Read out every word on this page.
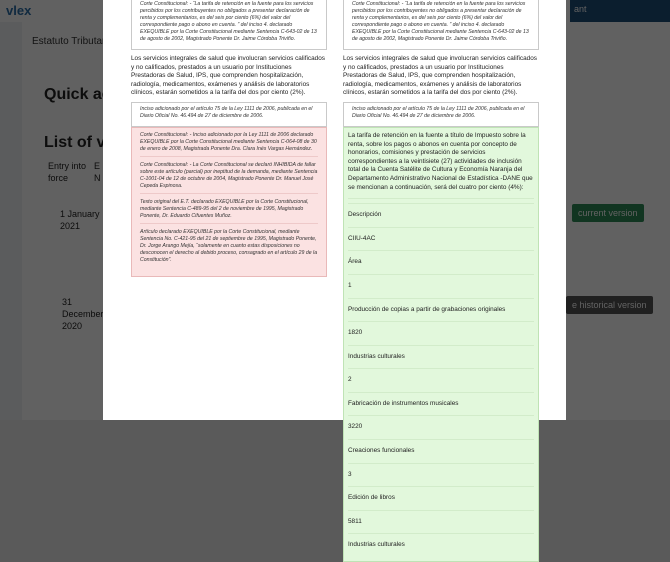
Corte Constitucional: - “La tarifa de retención en la fuente para los servicios percibidos por los contribuyentes no obligados a presentar declaración de renta y complementarios, es del seis por ciento (6%) del valor del correspondiente pago o abono en cuenta. ” del inciso 4. declarado EXEQUIBLE por la Corte Constitucional mediante Sentencia C-643-02 de 13 de agosto de 2002, Magistrado Ponente Dr. Jaime Córdoba Triviño.

Los servicios integrales de salud que involucran servicios calificados y no calificados, prestados a un usuario por Instituciones Prestadoras de Salud, IPS, que comprenden hospitalización, radiología, medicamentos, exámenes y análisis de laboratorios clínicos, estarán sometidos a la tarifa del dos por ciento (2%).

Inciso adicionado por el artículo 75 de la Ley 1111 de 2006, publicada en el Diario Oficial No. 46.494 de 27 de diciembre de 2006.

Corte Constitucional: - Inciso adicionado por la Ley 1111 de 2006 declarado EXEQUIBLE por la Corte Constitucional mediante Sentencia C-064-08 de 30 de enero de 2008, Magistrada Ponente Dra. Clara Inés Vargas Hernández.

Corte Constitucional: - La Corte Constitucional se declaró INHIBIDA de fallar sobre este artículo (parcial) por ineptitud de la demanda, mediante Sentencia C-1001-04 de 12 de octubre de 2004, Magistrado Ponente Dr. Manuel José Cepeda Espinosa.

Texto original del E.T. declarado EXEQUIBLE por la Corte Constitucional, mediante Sentencia C-489-95 del 2 de noviembre de 1995, Magistrado Ponente, Dr. Eduardo Cifuentes Muñoz.

Artículo declarado EXEQUIBLE por la Corte Constitucional, mediante Sentencia No. C-421-95 del 21 de septiembre de 1995, Magistrado Ponente, Dr. Jorge Arango Mejía, “solamente en cuanto estas disposiciones no desconocen el derecho al debido proceso, consagrado en el artículo 29 de la Constitución”.

Corte Constitucional: - “La tarifa de retención en la fuente para los servicios percibidos por los contribuyentes no obligados a presentar declaración de renta y complementarios, es del seis por ciento (6%) del valor del correspondiente pago o abono en cuenta. ” del inciso 4. declarado EXEQUIBLE por la Corte Constitucional mediante Sentencia C-643-02 de 13 de agosto de 2002, Magistrado Ponente Dr. Jaime Córdoba Triviño.

Los servicios integrales de salud que involucran servicios calificados y no calificados, prestados a un usuario por Instituciones Prestadoras de Salud, IPS, que comprenden hospitalización, radiología, medicamentos, exámenes y análisis de laboratorios clínicos, estarán sometidos a la tarifa del dos por ciento (2%).

Inciso adicionado por el artículo 75 de la Ley 1111 de 2006, publicada en el Diario Oficial No. 46.494 de 27 de diciembre de 2006.

La tarifa de retención en la fuente a título de Impuesto sobre la renta, sobre los pagos o abonos en cuenta por concepto de honorarios, comisiones y prestación de servicios correspondientes a la veintisiete (27) actividades de inclusión total de la Cuenta Satélite de Cultura y Economía Naranja del Departamento Administrativo Nacional de Estadística -DANE que se mencionan a continuación, será del cuatro por ciento (4%):
Descripción
CIIU-4AC
Área
1
Producción de copias a partir de grabaciones originales
1820
Industrias culturales
2
Fabricación de instrumentos musicales
3220
Creaciones funcionales
3
Edición de libros
5811
Industrias culturales
